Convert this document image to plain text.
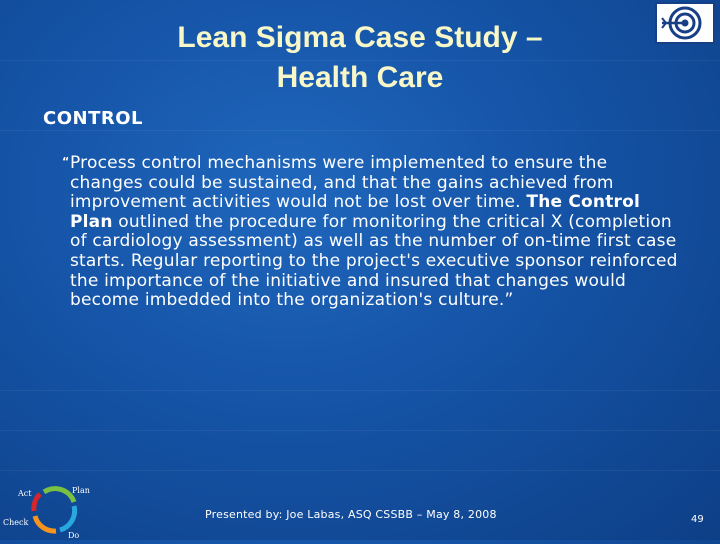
Lean Sigma Case Study –
Health Care
CONTROL

“ Process control mechanisms were implemented to ensure the changes could be sustained, and that the gains achieved from improvement activities would not be lost over time. The Control Plan outlined the procedure for monitoring the critical X (completion of cardiology assessment) as well as the number of on-time first case starts. Regular reporting to the project's executive sponsor reinforced the importance of the initiative and insured that changes would become imbedded into the organization's culture.”

Act	Plan
Check
Do
Presented by: Joe Labas, ASQ CSSBB – May 8, 2008	49
